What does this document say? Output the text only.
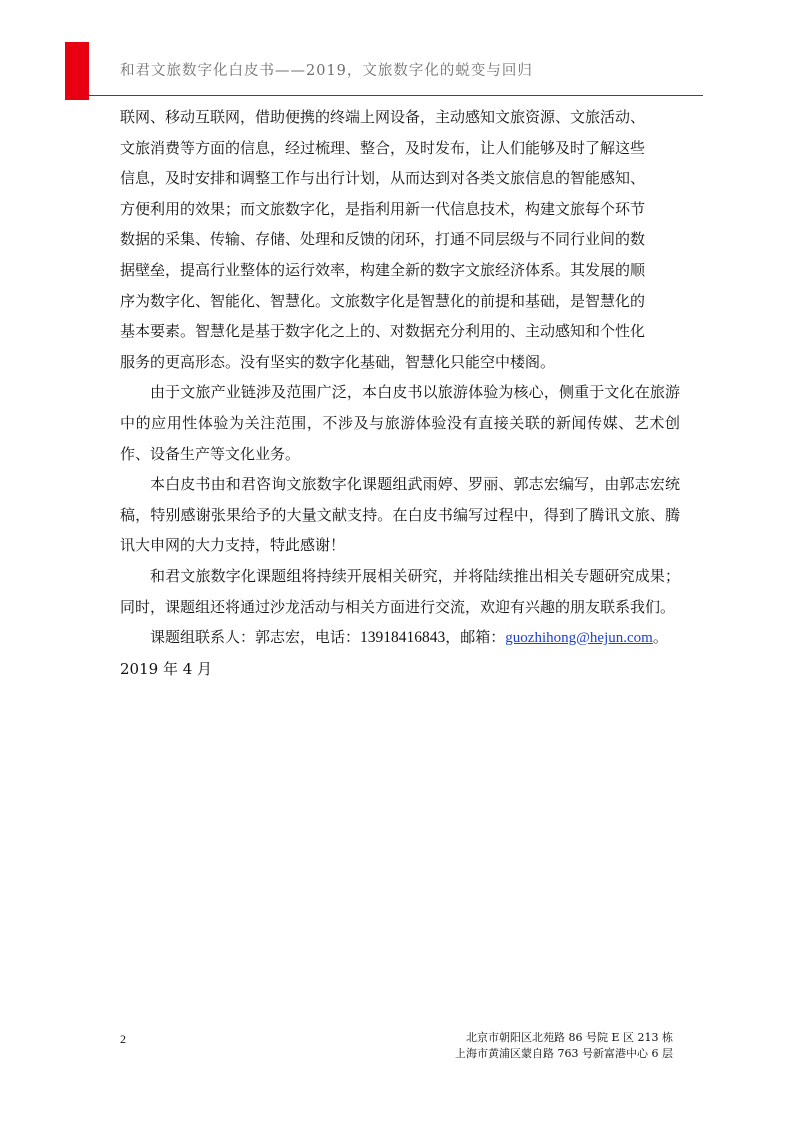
和君文旅数字化白皮书——2019，文旅数字化的蜕变与回归

联网、移动互联网，借助便携的终端上网设备，主动感知文旅资源、文旅活动、

文旅消费等方面的信息，经过梳理、整合，及时发布，让人们能够及时了解这些

信息，及时安排和调整工作与出行计划，从而达到对各类文旅信息的智能感知、

方便利用的效果；而文旅数字化，是指利用新一代信息技术，构建文旅每个环节

数据的采集、传输、存储、处理和反馈的闭环，打通不同层级与不同行业间的数

据壁垒，提高行业整体的运行效率，构建全新的数字文旅经济体系。其发展的顺

序为数字化、智能化、智慧化。文旅数字化是智慧化的前提和基础，是智慧化的

基本要素。智慧化是基于数字化之上的、对数据充分利用的、主动感知和个性化

服务的更高形态。没有坚实的数字化基础，智慧化只能空中楼阁。

由于文旅产业链涉及范围广泛，本白皮书以旅游体验为核心，侧重于文化在旅游中的应用性体验为关注范围，不涉及与旅游体验没有直接关联的新闻传媒、艺术创作、设备生产等文化业务。

本白皮书由和君咨询文旅数字化课题组武雨婷、罗丽、郭志宏编写，由郭志宏统稿，特别感谢张果给予的大量文献支持。在白皮书编写过程中，得到了腾讯文旅、腾讯大申网的大力支持，特此感谢！

和君文旅数字化课题组将持续开展相关研究，并将陆续推出相关专题研究成果；同时，课题组还将通过沙龙活动与相关方面进行交流，欢迎有兴趣的朋友联系我们。

课题组联系人：郭志宏，电话：13918416843，邮箱：guozhihong@hejun.com。

2019 年 4 月

2	北京市朝阳区北苑路 86 号院 E 区 213 栋
上海市黄浦区蒙自路 763 号新富港中心 6 层
